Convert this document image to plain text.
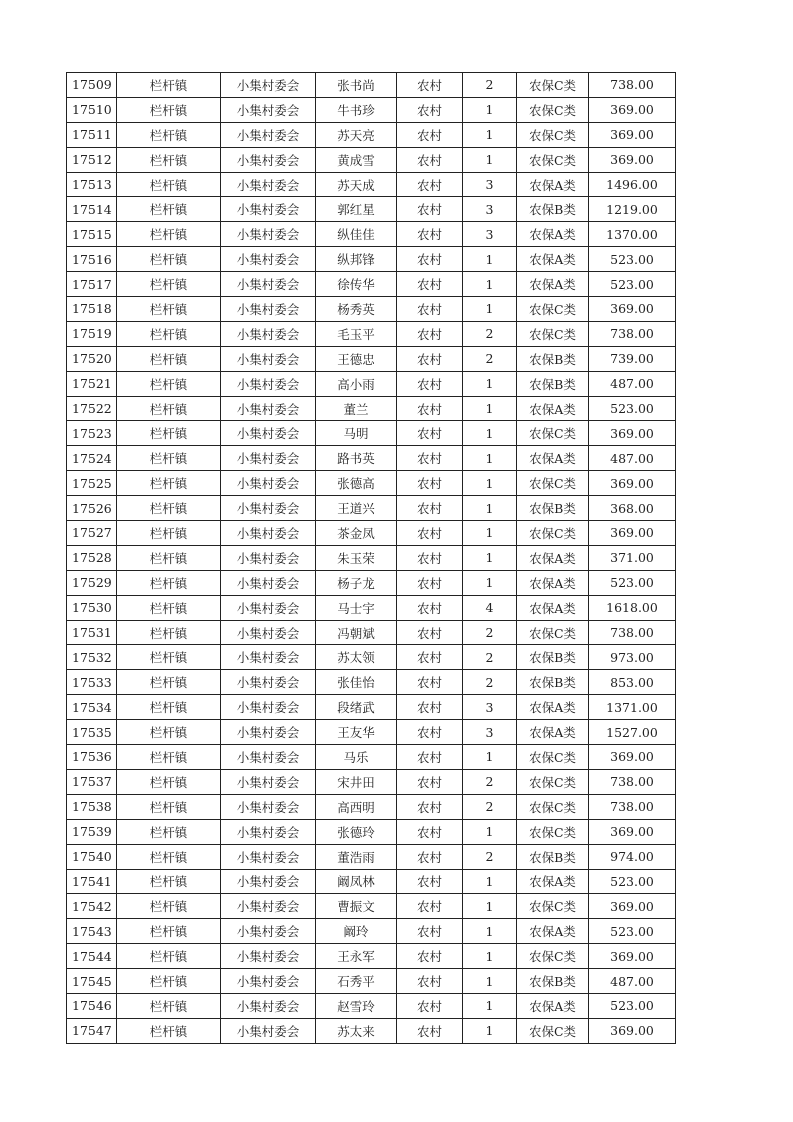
17509	栏杆镇	小集村委会	张书尚	农村	2	农保C类	738.00
17510	栏杆镇	小集村委会	牛书珍	农村	1	农保C类	369.00
17511	栏杆镇	小集村委会	苏天亮	农村	1	农保C类	369.00
17512	栏杆镇	小集村委会	黄成雪	农村	1	农保C类	369.00
17513	栏杆镇	小集村委会	苏天成	农村	3	农保A类	1496.00
17514	栏杆镇	小集村委会	郭红星	农村	3	农保B类	1219.00
17515	栏杆镇	小集村委会	纵佳佳	农村	3	农保A类	1370.00
17516	栏杆镇	小集村委会	纵邦锋	农村	1	农保A类	523.00
17517	栏杆镇	小集村委会	徐传华	农村	1	农保A类	523.00
17518	栏杆镇	小集村委会	杨秀英	农村	1	农保C类	369.00
17519	栏杆镇	小集村委会	毛玉平	农村	2	农保C类	738.00
17520	栏杆镇	小集村委会	王德忠	农村	2	农保B类	739.00
17521	栏杆镇	小集村委会	高小雨	农村	1	农保B类	487.00
17522	栏杆镇	小集村委会	董兰	农村	1	农保A类	523.00
17523	栏杆镇	小集村委会	马明	农村	1	农保C类	369.00
17524	栏杆镇	小集村委会	路书英	农村	1	农保A类	487.00
17525	栏杆镇	小集村委会	张德高	农村	1	农保C类	369.00
17526	栏杆镇	小集村委会	王道兴	农村	1	农保B类	368.00
17527	栏杆镇	小集村委会	茶金凤	农村	1	农保C类	369.00
17528	栏杆镇	小集村委会	朱玉荣	农村	1	农保A类	371.00
17529	栏杆镇	小集村委会	杨子龙	农村	1	农保A类	523.00
17530	栏杆镇	小集村委会	马士宇	农村	4	农保A类	1618.00
17531	栏杆镇	小集村委会	冯朝斌	农村	2	农保C类	738.00
17532	栏杆镇	小集村委会	苏太领	农村	2	农保B类	973.00
17533	栏杆镇	小集村委会	张佳怡	农村	2	农保B类	853.00
17534	栏杆镇	小集村委会	段绪武	农村	3	农保A类	1371.00
17535	栏杆镇	小集村委会	王友华	农村	3	农保A类	1527.00
17536	栏杆镇	小集村委会	马乐	农村	1	农保C类	369.00
17537	栏杆镇	小集村委会	宋井田	农村	2	农保C类	738.00
17538	栏杆镇	小集村委会	高西明	农村	2	农保C类	738.00
17539	栏杆镇	小集村委会	张德玲	农村	1	农保C类	369.00
17540	栏杆镇	小集村委会	董浩雨	农村	2	农保B类	974.00
17541	栏杆镇	小集村委会	阚凤林	农村	1	农保A类	523.00
17542	栏杆镇	小集村委会	曹振文	农村	1	农保C类	369.00
17543	栏杆镇	小集村委会	阚玲	农村	1	农保A类	523.00
17544	栏杆镇	小集村委会	王永军	农村	1	农保C类	369.00
17545	栏杆镇	小集村委会	石秀平	农村	1	农保B类	487.00
17546	栏杆镇	小集村委会	赵雪玲	农村	1	农保A类	523.00
17547	栏杆镇	小集村委会	苏太来	农村	1	农保C类	369.00
